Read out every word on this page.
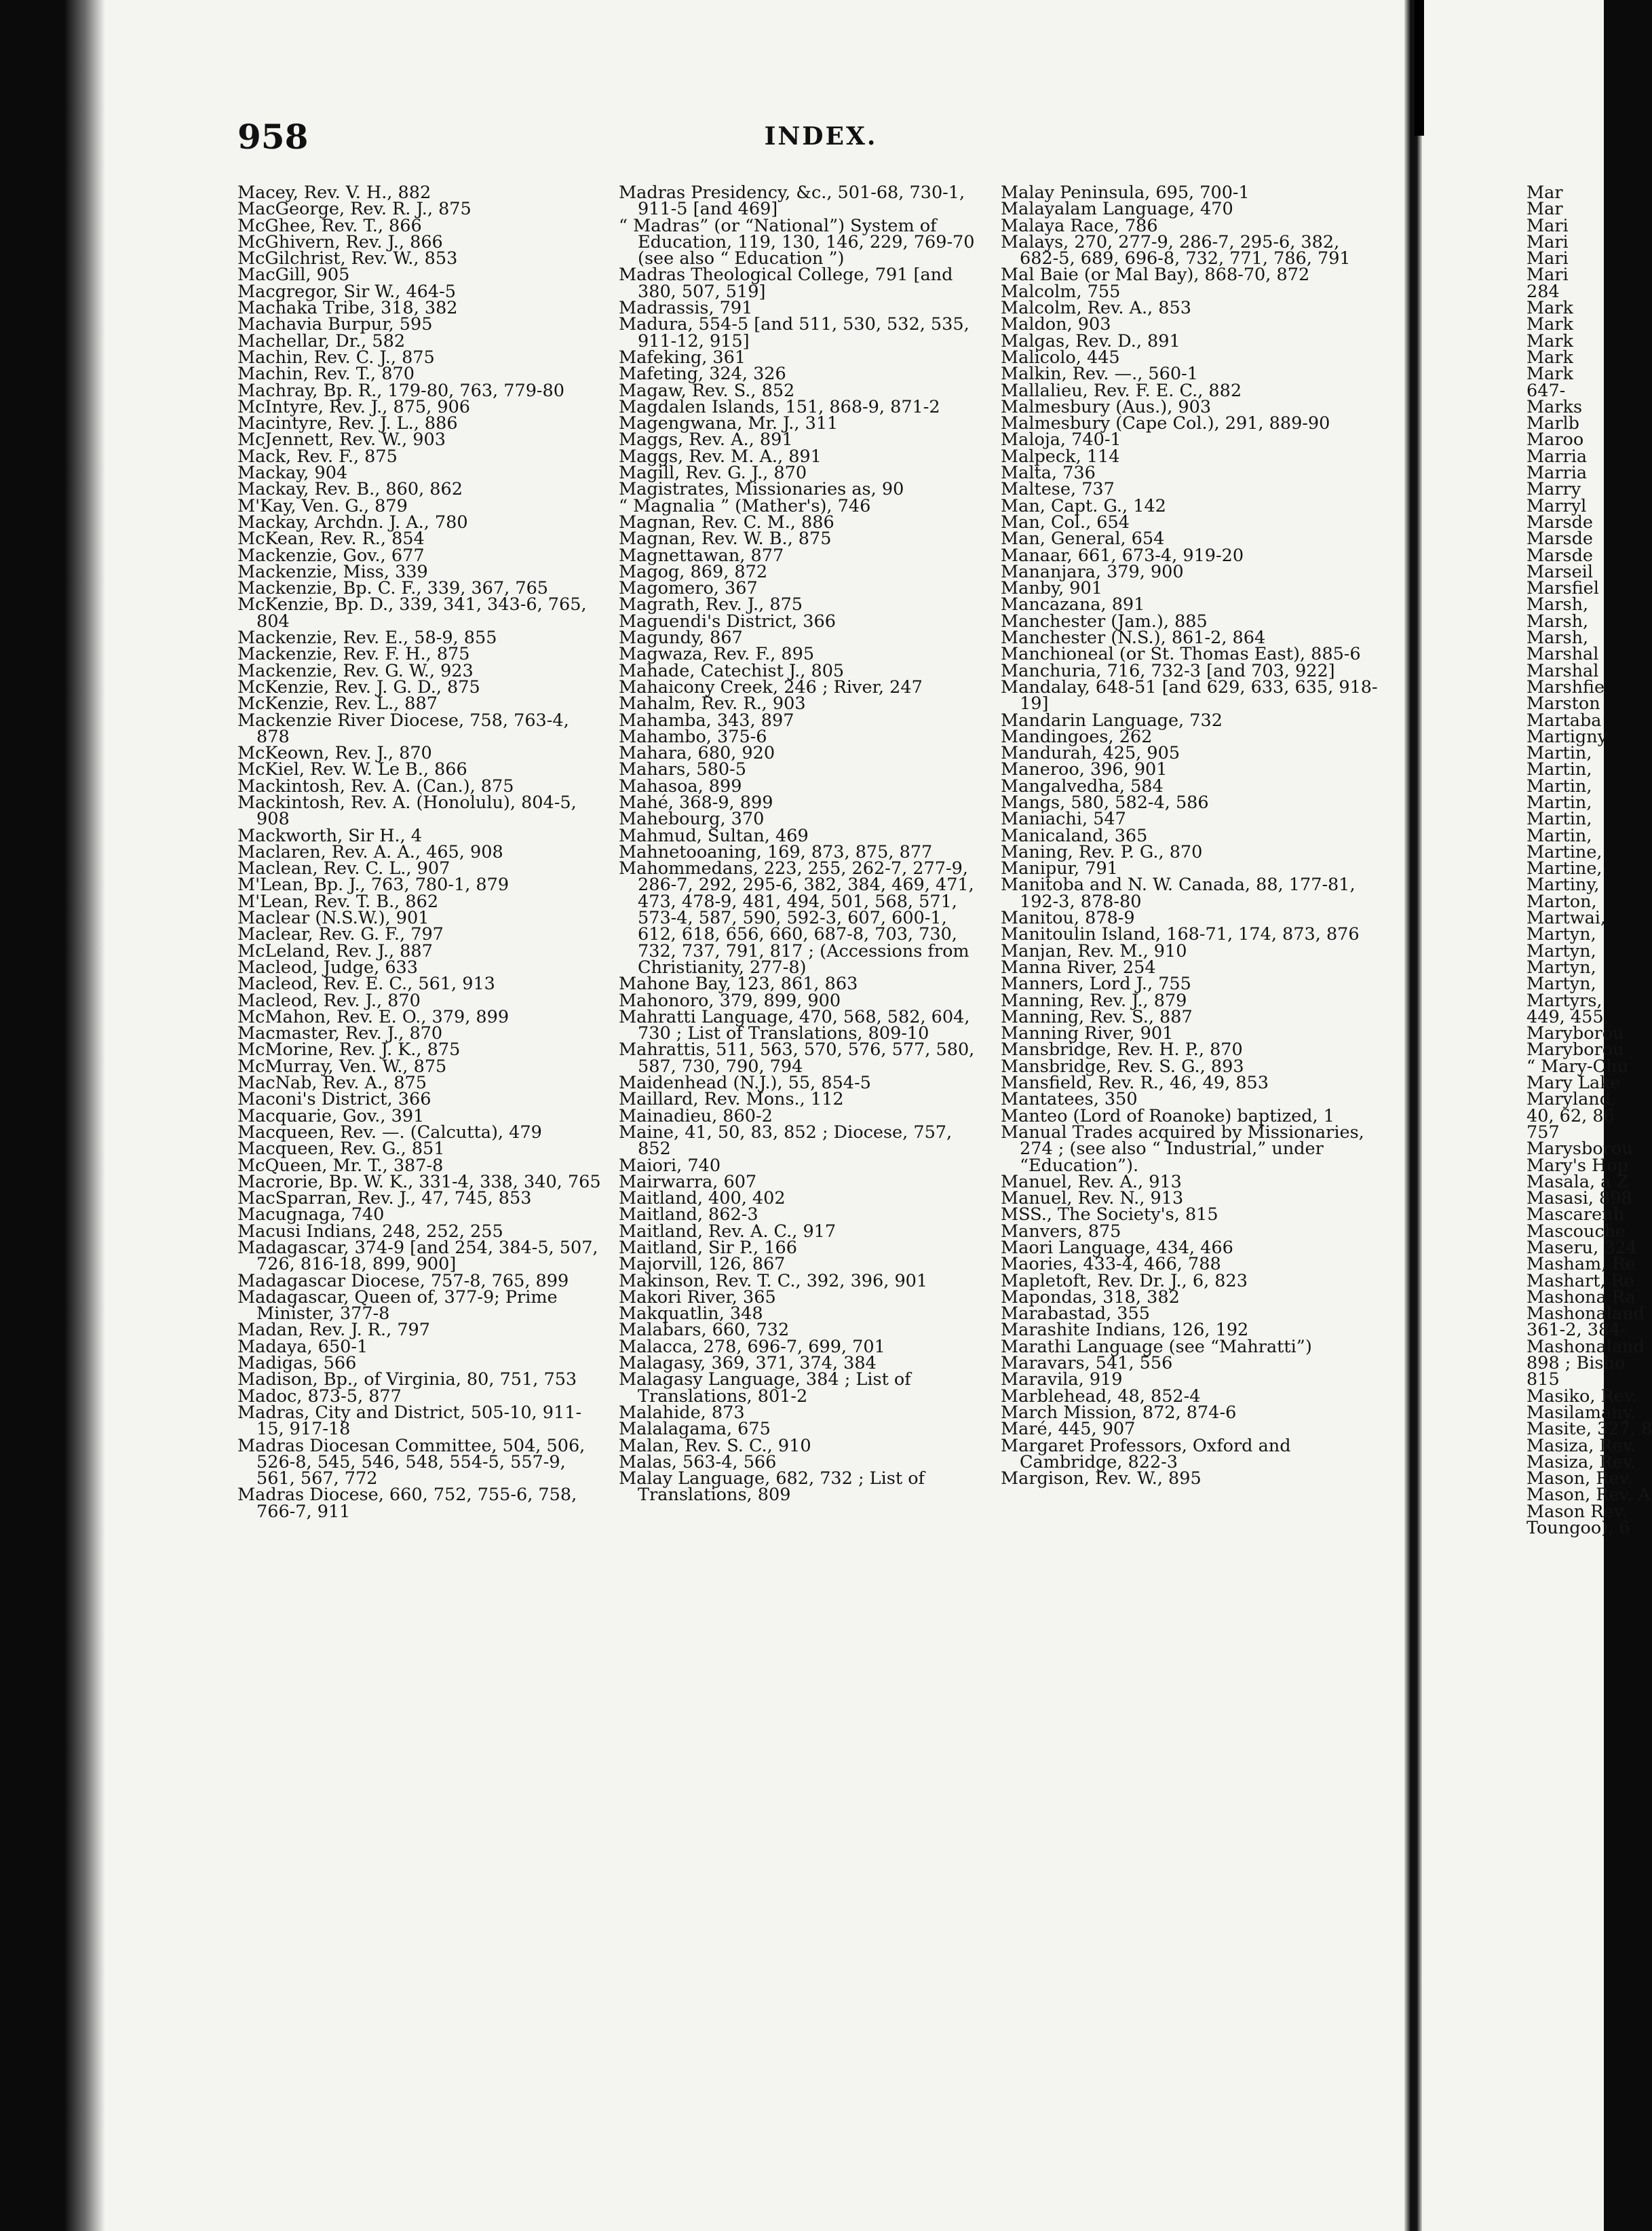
958	INDEX.

Macey, Rev. V. H., 882

MacGeorge, Rev. R. J., 875

McGhee, Rev. T., 866

McGhivern, Rev. J., 866

McGilchrist, Rev. W., 853

MacGill, 905

Macgregor, Sir W., 464-5

Machaka Tribe, 318, 382

Machavia Burpur, 595

Machellar, Dr., 582

Machin, Rev. C. J., 875

Machin, Rev. T., 870

Machray, Bp. R., 179-80, 763, 779-80

McIntyre, Rev. J., 875, 906

Macintyre, Rev. J. L., 886

McJennett, Rev. W., 903

Mack, Rev. F., 875

Mackay, 904

Mackay, Rev. B., 860, 862

M'Kay, Ven. G., 879

Mackay, Archdn. J. A., 780

McKean, Rev. R., 854

Mackenzie, Gov., 677

Mackenzie, Miss, 339

Mackenzie, Bp. C. F., 339, 367, 765

McKenzie, Bp. D., 339, 341, 343-6, 765, 804

Mackenzie, Rev. E., 58-9, 855

Mackenzie, Rev. F. H., 875

Mackenzie, Rev. G. W., 923

McKenzie, Rev. J. G. D., 875

McKenzie, Rev. L., 887

Mackenzie River Diocese, 758, 763-4, 878

McKeown, Rev. J., 870

McKiel, Rev. W. Le B., 866

Mackintosh, Rev. A. (Can.), 875

Mackintosh, Rev. A. (Honolulu), 804-5, 908

Mackworth, Sir H., 4

Maclaren, Rev. A. A., 465, 908

Maclean, Rev. C. L., 907

M'Lean, Bp. J., 763, 780-1, 879

M'Lean, Rev. T. B., 862

Maclear (N.S.W.), 901

Maclear, Rev. G. F., 797

McLeland, Rev. J., 887

Macleod, Judge, 633

Macleod, Rev. E. C., 561, 913

Macleod, Rev. J., 870

McMahon, Rev. E. O., 379, 899

Macmaster, Rev. J., 870

McMorine, Rev. J. K., 875

McMurray, Ven. W., 875

MacNab, Rev. A., 875

Maconi's District, 366

Macquarie, Gov., 391

Macqueen, Rev. —. (Calcutta), 479

Macqueen, Rev. G., 851

McQueen, Mr. T., 387-8

Macrorie, Bp. W. K., 331-4, 338, 340, 765

MacSparran, Rev. J., 47, 745, 853

Macugnaga, 740

Macusi Indians, 248, 252, 255

Madagascar, 374-9 [and 254, 384-5, 507, 726, 816-18, 899, 900]

Madagascar Diocese, 757-8, 765, 899

Madagascar, Queen of, 377-9; Prime Minister, 377-8

Madan, Rev. J. R., 797

Madaya, 650-1

Madigas, 566

Madison, Bp., of Virginia, 80, 751, 753

Madoc, 873-5, 877

Madras, City and District, 505-10, 911-15, 917-18

Madras Diocesan Committee, 504, 506, 526-8, 545, 546, 548, 554-5, 557-9, 561, 567, 772

Madras Diocese, 660, 752, 755-6, 758, 766-7, 911

Madras Presidency, &c., 501-68, 730-1, 911-5 [and 469]

“ Madras” (or “National”) System of Education, 119, 130, 146, 229, 769-70 (see also “ Education ”)

Madras Theological College, 791 [and 380, 507, 519]

Madrassis, 791

Madura, 554-5 [and 511, 530, 532, 535, 911-12, 915]

Mafeking, 361

Mafeting, 324, 326

Magaw, Rev. S., 852

Magdalen Islands, 151, 868-9, 871-2

Magengwana, Mr. J., 311

Maggs, Rev. A., 891

Maggs, Rev. M. A., 891

Magill, Rev. G. J., 870

Magistrates, Missionaries as, 90

“ Magnalia ” (Mather's), 746

Magnan, Rev. C. M., 886

Magnan, Rev. W. B., 875

Magnettawan, 877

Magog, 869, 872

Magomero, 367

Magrath, Rev. J., 875

Maguendi's District, 366

Magundy, 867

Magwaza, Rev. F., 895

Mahade, Catechist J., 805

Mahaicony Creek, 246 ; River, 247

Mahalm, Rev. R., 903

Mahamba, 343, 897

Mahambo, 375-6

Mahara, 680, 920

Mahars, 580-5

Mahasoa, 899

Mahé, 368-9, 899

Mahebourg, 370

Mahmud, Sultan, 469

Mahnetooaning, 169, 873, 875, 877

Mahommedans, 223, 255, 262-7, 277-9, 286-7, 292, 295-6, 382, 384, 469, 471, 473, 478-9, 481, 494, 501, 568, 571, 573-4, 587, 590, 592-3, 607, 600-1, 612, 618, 656, 660, 687-8, 703, 730, 732, 737, 791, 817 ; (Accessions from Christianity, 277-8)

Mahone Bay, 123, 861, 863

Mahonoro, 379, 899, 900

Mahratti Language, 470, 568, 582, 604, 730 ; List of Translations, 809-10

Mahrattis, 511, 563, 570, 576, 577, 580, 587, 730, 790, 794

Maidenhead (N.J.), 55, 854-5

Maillard, Rev. Mons., 112

Mainadieu, 860-2

Maine, 41, 50, 83, 852 ; Diocese, 757, 852

Maiori, 740

Mairwarra, 607

Maitland, 400, 402

Maitland, 862-3

Maitland, Rev. A. C., 917

Maitland, Sir P., 166

Majorvill, 126, 867

Makinson, Rev. T. C., 392, 396, 901

Makori River, 365

Makquatlin, 348

Malabars, 660, 732

Malacca, 278, 696-7, 699, 701

Malagasy, 369, 371, 374, 384

Malagasy Language, 384 ; List of Translations, 801-2

Malahide, 873

Malalagama, 675

Malan, Rev. S. C., 910

Malas, 563-4, 566

Malay Language, 682, 732 ; List of Translations, 809

Malay Peninsula, 695, 700-1

Malayalam Language, 470

Malaya Race, 786

Malays, 270, 277-9, 286-7, 295-6, 382, 682-5, 689, 696-8, 732, 771, 786, 791

Mal Baie (or Mal Bay), 868-70, 872

Malcolm, 755

Malcolm, Rev. A., 853

Maldon, 903

Malgas, Rev. D., 891

Malicolo, 445

Malkin, Rev. —., 560-1

Mallalieu, Rev. F. E. C., 882

Malmesbury (Aus.), 903

Malmesbury (Cape Col.), 291, 889-90

Maloja, 740-1

Malpeck, 114

Malta, 736

Maltese, 737

Man, Capt. G., 142

Man, Col., 654

Man, General, 654

Manaar, 661, 673-4, 919-20

Mananjara, 379, 900

Manby, 901

Mancazana, 891

Manchester (Jam.), 885

Manchester (N.S.), 861-2, 864

Manchioneal (or St. Thomas East), 885-6

Manchuria, 716, 732-3 [and 703, 922]

Mandalay, 648-51 [and 629, 633, 635, 918-19]

Mandarin Language, 732

Mandingoes, 262

Mandurah, 425, 905

Maneroo, 396, 901

Mangalvedha, 584

Mangs, 580, 582-4, 586

Maniachi, 547

Manicaland, 365

Maning, Rev. P. G., 870

Manipur, 791

Manitoba and N. W. Canada, 88, 177-81, 192-3, 878-80

Manitou, 878-9

Manitoulin Island, 168-71, 174, 873, 876

Manjan, Rev. M., 910

Manna River, 254

Manners, Lord J., 755

Manning, Rev. J., 879

Manning, Rev. S., 887

Manning River, 901

Mansbridge, Rev. H. P., 870

Mansbridge, Rev. S. G., 893

Mansfield, Rev. R., 46, 49, 853

Mantatees, 350

Manteo (Lord of Roanoke) baptized, 1

Manual Trades acquired by Missionaries, 274 ; (see also “ Industrial,” under “Education”).

Manuel, Rev. A., 913

Manuel, Rev. N., 913

MSS., The Society's, 815

Manvers, 875

Maori Language, 434, 466

Maories, 433-4, 466, 788

Mapletoft, Rev. Dr. J., 6, 823

Mapondas, 318, 382

Marabastad, 355

Marashite Indians, 126, 192

Marathi Language (see “Mahratti”)

Maravars, 541, 556

Maravila, 919

Marblehead, 48, 852-4

March Mission, 872, 874-6

Maré, 445, 907

Margaret Professors, Oxford and Cambridge, 822-3

Margison, Rev. W., 895

Mar

Mar

Mari

Mari

Mari

Mari

284

Mark

Mark

Mark

Mark

Mark

647-

Marks

Marlb

Maroo

Marria

Marria

Marry

Marryl

Marsde

Marsde

Marsde

Marseil

Marsfiel

Marsh,

Marsh,

Marsh,

Marshal

Marshal

Marshfie

Marston

Martaba

Martigny

Martin,

Martin,

Martin,

Martin,

Martin,

Martin,

Martine,

Martine,

Martiny,

Marton,

Martwai,

Martyn,

Martyn,

Martyn,

Martyn,

Martyrs,

449, 455,

Maryborou

Maryborou

“ Mary-Chu

Mary Lake

Maryland,

40, 62, 86

757

Marysborou

Mary's Hop

Masala, a Z

Masasi, 898

Mascarenh

Mascouche

Maseru, 324

Masham, Re

Mashart, Re

Mashona Ra

Mashonaland

361-2, 384-

Mashonaland

898 ; Bisho

815

Masiko, Rev.

Masilamany,

Masite, 327, 8

Masiza, Rev.

Masiza, Rev.

Mason, Rev.

Mason, Rev. A

Mason Rev.

Toungoo), 6
